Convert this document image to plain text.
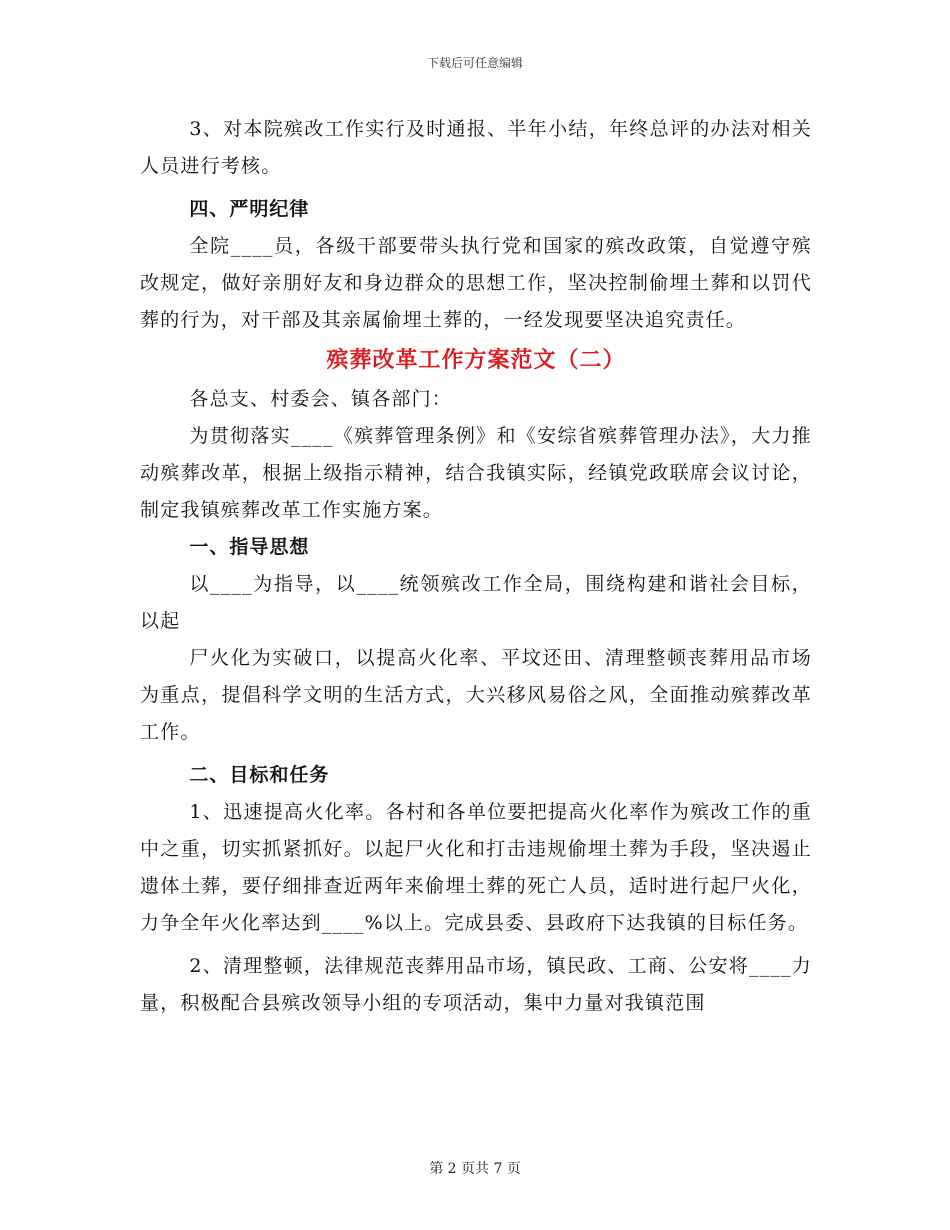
下载后可任意编辑

3、对本院殡改工作实行及时通报、半年小结，年终总评的办法对相关人员进行考核。

四、严明纪律

全院____员，各级干部要带头执行党和国家的殡改政策，自觉遵守殡改规定，做好亲朋好友和身边群众的思想工作，坚决控制偷埋土葬和以罚代葬的行为，对干部及其亲属偷埋土葬的，一经发现要坚决追究责任。

殡葬改革工作方案范文（二）

各总支、村委会、镇各部门：

为贯彻落实____《殡葬管理条例》和《安综省殡葬管理办法》，大力推动殡葬改革，根据上级指示精神，结合我镇实际，经镇党政联席会议讨论，制定我镇殡葬改革工作实施方案。

一、指导思想

以____为指导，以____统领殡改工作全局，围绕构建和谐社会目标，以起

尸火化为实破口，以提高火化率、平坟还田、清理整顿丧葬用品市场为重点，提倡科学文明的生活方式，大兴移风易俗之风，全面推动殡葬改革工作。

二、目标和任务

1、迅速提高火化率。各村和各单位要把提高火化率作为殡改工作的重中之重，切实抓紧抓好。以起尸火化和打击违规偷埋土葬为手段，坚决遏止遗体土葬，要仔细排查近两年来偷埋土葬的死亡人员，适时进行起尸火化，力争全年火化率达到____%以上。完成县委、县政府下达我镇的目标任务。

2、清理整顿，法律规范丧葬用品市场，镇民政、工商、公安将____力量，积极配合县殡改领导小组的专项活动，集中力量对我镇范围

第 2 页共 7 页
